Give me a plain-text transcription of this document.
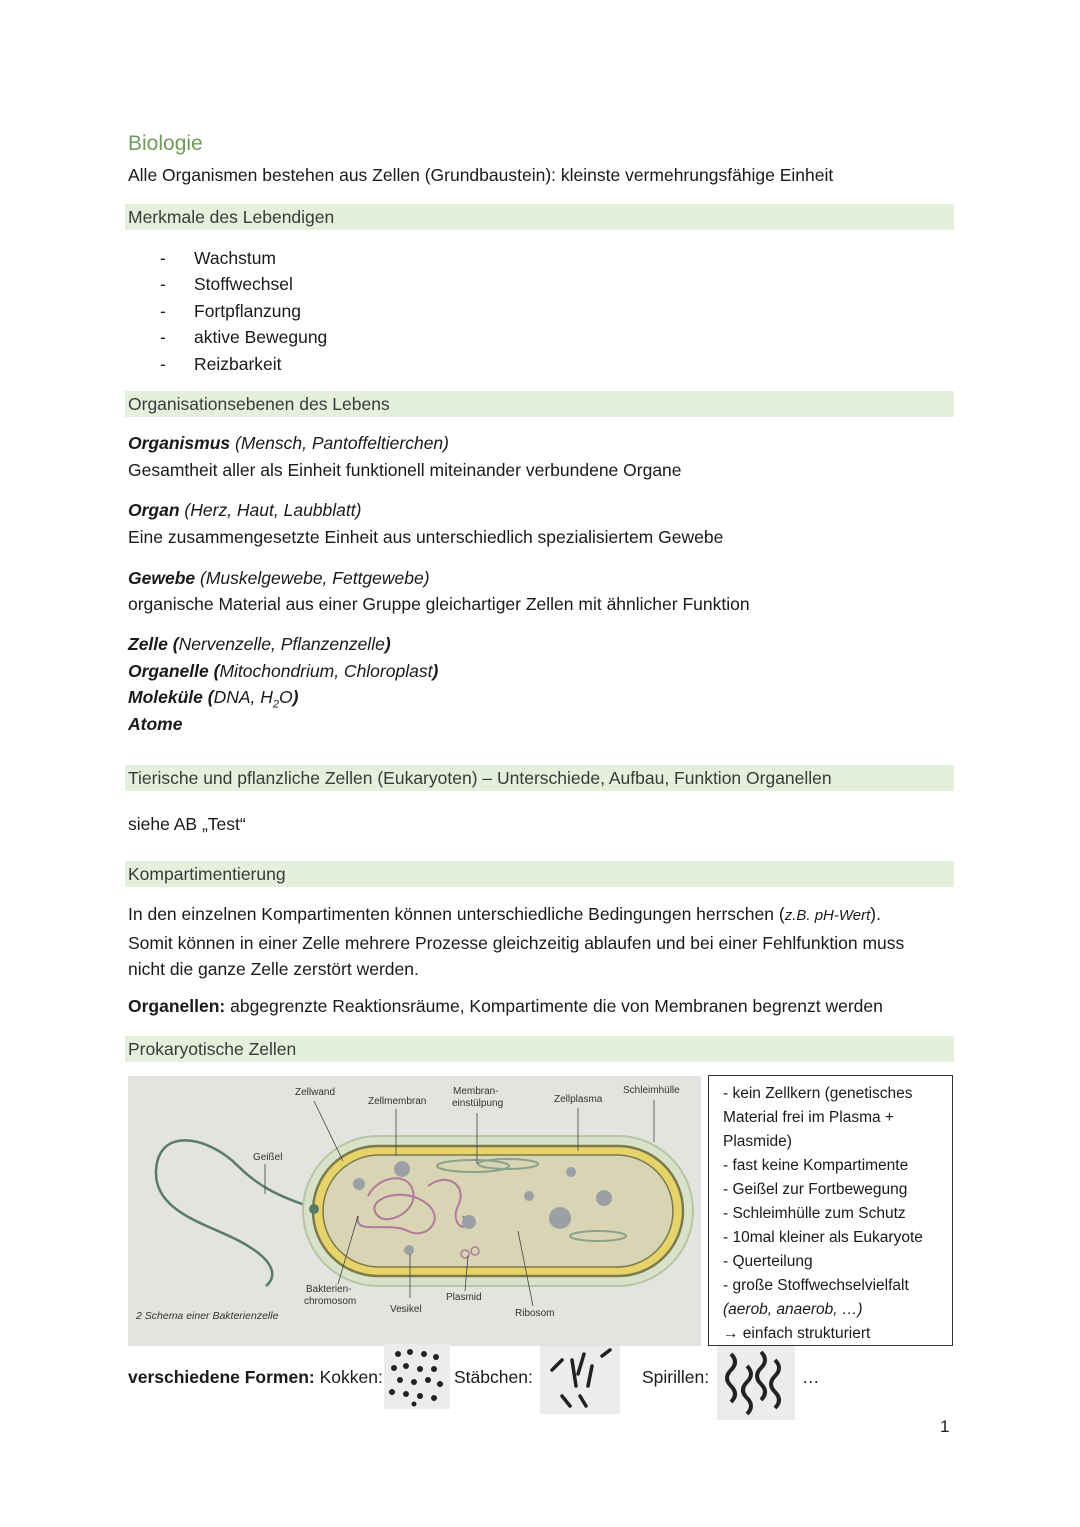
Biologie
Alle Organismen bestehen aus Zellen (Grundbaustein): kleinste vermehrungsfähige Einheit
Merkmale des Lebendigen
- Wachstum
- Stoffwechsel
- Fortpflanzung
- aktive Bewegung
- Reizbarkeit
Organisationsebenen des Lebens
Organismus (Mensch, Pantoffeltierchen)
Gesamtheit aller als Einheit funktionell miteinander verbundene Organe
Organ (Herz, Haut, Laubblatt)
Eine zusammengesetzte Einheit aus unterschiedlich spezialisiertem Gewebe
Gewebe (Muskelgewebe, Fettgewebe)
organische Material aus einer Gruppe gleichartiger Zellen mit ähnlicher Funktion
Zelle (Nervenzelle, Pflanzenzelle)
Organelle (Mitochondrium, Chloroplast)
Moleküle (DNA, $H_2O$)
Atome
Tierische und pflanzliche Zellen (Eukaryoten) – Unterschiede, Aufbau, Funktion Organellen
siehe AB „Test“
Kompartimentierung
In den einzelnen Kompartimenten können unterschiedliche Bedingungen herrschen (z.B. pH-Wert).
Somit können in einer Zelle mehrere Prozesse gleichzeitig ablaufen und bei einer Fehlfunktion muss
nicht die ganze Zelle zerstört werden.
Organellen: abgegrenzte Reaktionsräume, Kompartimente die von Membranen begrenzt werden
Prokaryotische Zellen
Zellwand
Zellmembran
Membran-
einstülpung	Zellplasma
Schleimhülle
Geißel
Bakterien-
chromosom
Vesikel
Plasmid
Ribosom
2 Schema einer Bakterienzelle
- kein Zellkern (genetisches
Material frei im Plasma +
Plasmide)
- fast keine Kompartimente
- Geißel zur Fortbewegung
- Schleimhülle zum Schutz
- 10mal kleiner als Eukaryote
- Querteilung
- große Stoffwechselvielfalt
(aerob, anaerob, …)
→ einfach strukturiert
verschiedene Formen: Kokken:	Stäbchen:	Spirillen:	…
1
